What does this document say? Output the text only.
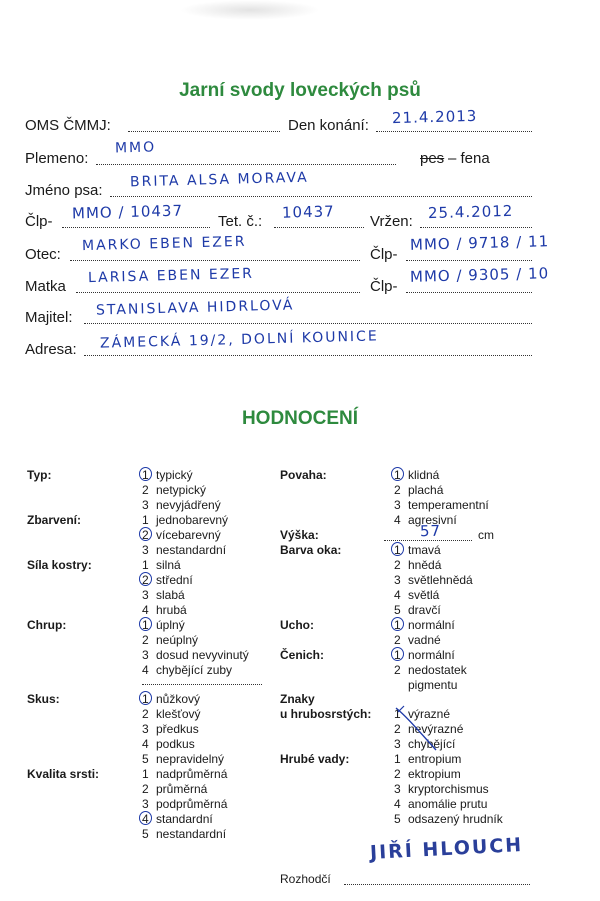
Jarní svody loveckých psů
OMS ČMMJ:	Den konání: 21.4.2013
Plemeno:
MMO
pes – fena
Jméno psa:
BRITA ALSA MORAVA
Člp- MMO / 10437 Tet. č.: 10437 Vržen: 25.4.2012
Otec:
MARKO EBEN EZER
Člp-
MMO / 9718 / 11
Matka
LARISA EBEN EZER
Člp-
MMO / 9305 / 10
Majitel: STANISLAVA HIDRLOVÁ
Adresa: ZÁMECKÁ 19/2, DOLNÍ KOUNICE
HODNOCENÍ
Typ:	1 typický
2 netypický
3 nevyjádřený
Zbarvení:	1 jednobarevný
2 vícebarevný
3 nestandardní
Síla kostry:	1 silná
2 střední
3 slabá
4 hrubá
Chrup:	1 úplný
2 neúplný
3 dosud nevyvinutý
4 chybějící zuby
Skus:	1 nůžkový
2 klešťový
3 předkus
4 podkus
5 nepravidelný
Kvalita srsti:	1 nadprůměrná
2 průměrná
3 podprůměrná
4 standardní
5 nestandardní
Povaha:	1 klidná
2 plachá
3 temperamentní
4 agresivní
Výška:	57	cm
Barva oka:	1 tmavá
2 hnědá
3 světlehnědá
4 světlá
5 dravčí
Ucho:	1 normální
2 vadné
Čenich:	1 normální
2 nedostatek
pigmentu
Znaky
u hrubosrstých: 1 výrazné
2 nevýrazné
3 chybějící
Hrubé vady:	1 entropium
2 ektropium
3 kryptorchismus
4 anomálie prutu
5 odsazený hrudník
JIŘÍ HLOUCH
Rozhodčí
